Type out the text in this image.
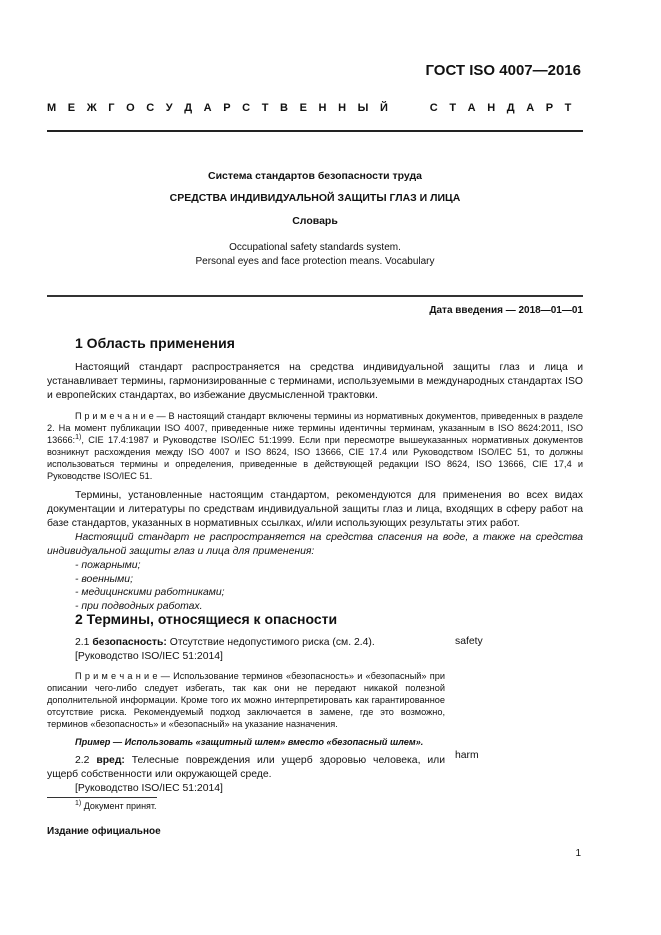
ГОСТ ISO 4007—2016
М Е Ж Г О С У Д А Р С Т В Е Н Н Ы Й	С Т А Н Д А Р Т
Система стандартов безопасности труда
СРЕДСТВА ИНДИВИДУАЛЬНОЙ ЗАЩИТЫ ГЛАЗ И ЛИЦА
Словарь
Occupational safety standards system.
Personal eyes and face protection means. Vocabulary
Дата введения — 2018—01—01
1 Область применения

Настоящий стандарт распространяется на средства индивидуальной защиты глаз и лица и устанавливает термины, гармонизированные с терминами, используемыми в международных стандартах ISO и европейских стандартах, во избежание двусмысленной трактовки.

П р и м е ч а н и е — В настоящий стандарт включены термины из нормативных документов, приведенных в разделе 2. На момент публикации ISO 4007, приведенные ниже термины идентичны терминам, указанным в ISO 8624:2011, ISO 13666:$^{1)}$, CIE 17.4:1987 и Руководстве ISO/IEC 51:1999. Если при пересмотре вышеуказанных нормативных документов возникнут расхождения между ISO 4007 и ISO 8624, ISO 13666, CIE 17.4 или Руководством ISO/IEC 51, то должны использоваться термины и определения, приведенные в действующей редакции ISO 8624, ISO 13666, CIE 17,4 и Руководстве ISO/IEC 51.

Термины, установленные настоящим стандартом, рекомендуются для применения во всех видах документации и литературы по средствам индивидуальной защиты глаз и лица, входящих в сферу работ на базе стандартов, указанных в нормативных ссылках, и/или использующих результаты этих работ.

Настоящий стандарт не распространяется на средства спасения на воде, а также на средства индивидуальной защиты глаз и лица для применения:

- пожарными;
- военными;
- медицинскими работниками;
- при подводных работах.
2 Термины, относящиеся к опасности

2.1 безопасность: Отсутствие недопустимого риска (см. 2.4).

[Руководство ISO/IEC 51:2014]

П р и м е ч а н и е — Использование терминов «безопасность» и «безопасный» при описании чего-либо следует избегать, так как они не передают никакой полезной дополнительной информации. Кроме того их можно интерпретировать как гарантированное отсутствие риска. Рекомендуемый подход заключается в замене, где это возможно, терминов «безопасность» и «безопасный» на указание назначения.

Пример — Использовать «защитный шлем» вместо «безопасный шлем».

2.2 вред: Телесные повреждения или ущерб здоровью человека, или ущерб собственности или окружающей среде.

[Руководство ISO/IEC 51:2014]

safety
harm
$^{1)}$ Документ принят.
Издание официальное
1
